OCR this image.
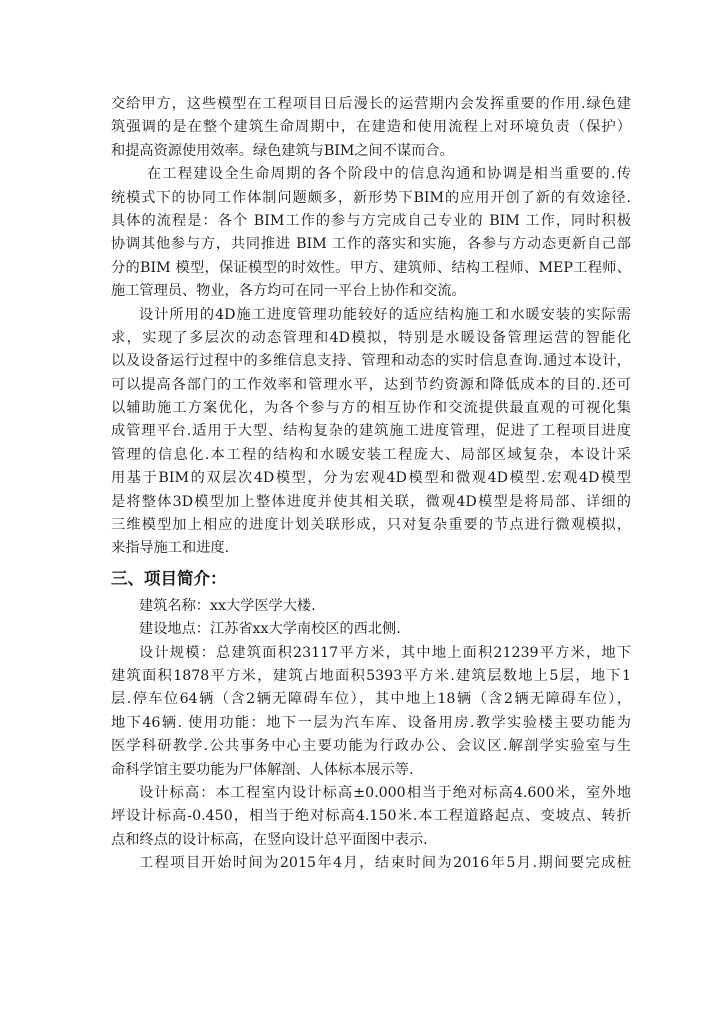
交给甲方，这些模型在工程项目日后漫长的运营期内会发挥重要的作用.绿色建
筑强调的是在整个建筑生命周期中，在建造和使用流程上对环境负责（保护）
和提高资源使用效率。绿色建筑与BIM之间不谋而合。
在工程建设全生命周期的各个阶段中的信息沟通和协调是相当重要的.传
统模式下的协同工作体制问题颇多，新形势下BIM的应用开创了新的有效途径.
具体的流程是：各个 BIM工作的参与方完成自己专业的 BIM 工作，同时积极
协调其他参与方，共同推进 BIM 工作的落实和实施，各参与方动态更新自己部
分的BIM 模型，保证模型的时效性。甲方、建筑师、结构工程师、MEP工程师、
施工管理员、物业，各方均可在同一平台上协作和交流。
设计所用的4D施工进度管理功能较好的适应结构施工和水暖安装的实际需
求，实现了多层次的动态管理和4D模拟，特别是水暖设备管理运营的智能化
以及设备运行过程中的多维信息支持、管理和动态的实时信息查询.通过本设计，
可以提高各部门的工作效率和管理水平，达到节约资源和降低成本的目的.还可
以辅助施工方案优化，为各个参与方的相互协作和交流提供最直观的可视化集
成管理平台.适用于大型、结构复杂的建筑施工进度管理，促进了工程项目进度
管理的信息化.本工程的结构和水暖安装工程庞大、局部区域复杂，本设计采
用基于BIM的双层次4D模型，分为宏观4D模型和微观4D模型.宏观4D模型
是将整体3D模型加上整体进度并使其相关联，微观4D模型是将局部、详细的
三维模型加上相应的进度计划关联形成，只对复杂重要的节点进行微观模拟，
来指导施工和进度.
三、项目简介：
建筑名称：xx大学医学大楼.
建设地点：江苏省xx大学南校区的西北侧.
设计规模：总建筑面积23117平方米，其中地上面积21239平方米，地下
建筑面积1878平方米，建筑占地面积5393平方米.建筑层数地上5层，地下1
层.停车位64辆（含2辆无障碍车位），其中地上18辆（含2辆无障碍车位），
地下46辆. 使用功能：地下一层为汽车库、设备用房.教学实验楼主要功能为
医学科研教学.公共事务中心主要功能为行政办公、会议区.解剖学实验室与生
命科学馆主要功能为尸体解剖、人体标本展示等.
设计标高：本工程室内设计标高±0.000相当于绝对标高4.600米，室外地
坪设计标高-0.450，相当于绝对标高4.150米.本工程道路起点、变坡点、转折
点和终点的设计标高，在竖向设计总平面图中表示.
工程项目开始时间为2015年4月，结束时间为2016年5月.期间要完成桩
